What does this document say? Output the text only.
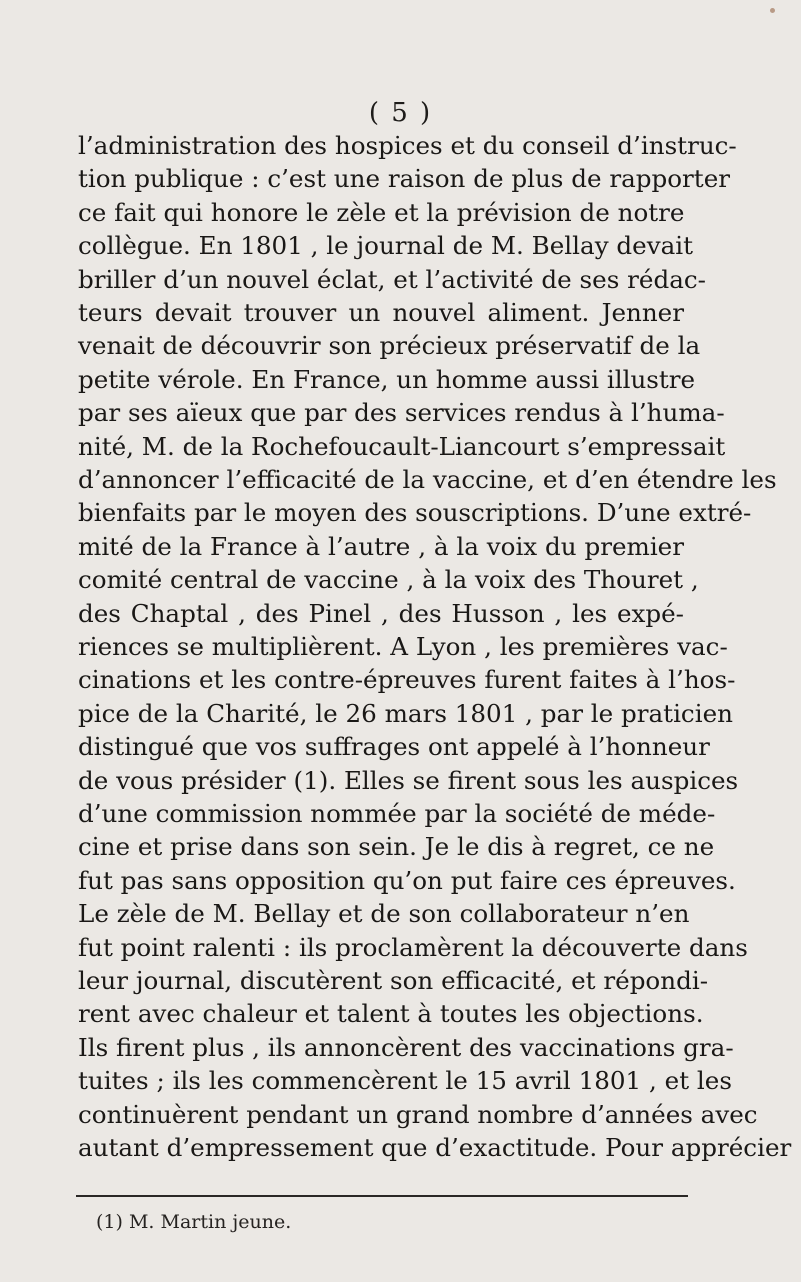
( 5 )
l’administration des hospices et du conseil d’instruc-
tion publique : c’est une raison de plus de rapporter
ce fait qui honore le zèle et la prévision de notre
collègue. En 1801 , le journal de M. Bellay devait
briller d’un nouvel éclat, et l’activité de ses rédac-
teurs devait trouver un nouvel aliment. Jenner
venait de découvrir son précieux préservatif de la
petite vérole. En France, un homme aussi illustre
par ses aïeux que par des services rendus à l’huma-
nité, M. de la Rochefoucault-Liancourt s’empressait
d’annoncer l’efficacité de la vaccine, et d’en étendre les
bienfaits par le moyen des souscriptions. D’une extré-
mité de la France à l’autre , à la voix du premier
comité central de vaccine , à la voix des Thouret ,
des Chaptal , des Pinel , des Husson , les expé-
riences se multiplièrent. A Lyon , les premières vac-
cinations et les contre-épreuves furent faites à l’hos-
pice de la Charité, le 26 mars 1801 , par le praticien
distingué que vos suffrages ont appelé à l’honneur
de vous présider (1). Elles se firent sous les auspices
d’une commission nommée par la société de méde-
cine et prise dans son sein. Je le dis à regret, ce ne
fut pas sans opposition qu’on put faire ces épreuves.
Le zèle de M. Bellay et de son collaborateur n’en
fut point ralenti : ils proclamèrent la découverte dans
leur journal, discutèrent son efficacité, et répondi-
rent avec chaleur et talent à toutes les objections.
Ils firent plus , ils annoncèrent des vaccinations gra-
tuites ; ils les commencèrent le 15 avril 1801 , et les
continuèrent pendant un grand nombre d’années avec
autant d’empressement que d’exactitude. Pour apprécier
(1) M. Martin jeune.
